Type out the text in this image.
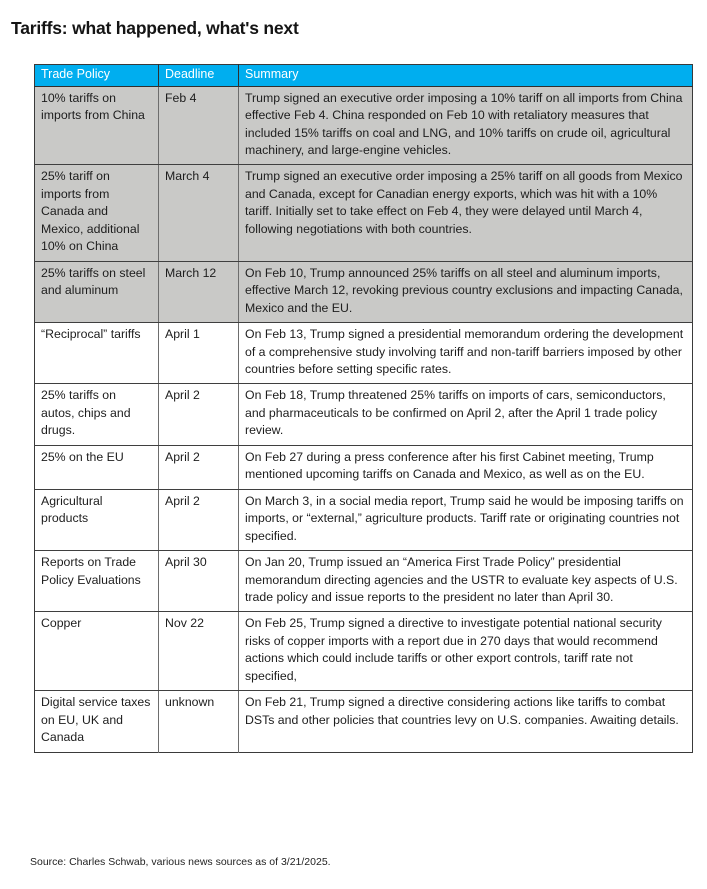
Tariffs: what happened, what's next
Trade Policy	Deadline	Summary
10% tariffs on imports from China	Feb 4	Trump signed an executive order imposing a 10% tariff on all imports from China effective Feb 4. China responded on Feb 10 with retaliatory measures that included 15% tariffs on coal and LNG, and 10% tariffs on crude oil, agricultural machinery, and large-engine vehicles.
25% tariff on imports from Canada and Mexico, additional 10% on China	March 4	Trump signed an executive order imposing a 25% tariff on all goods from Mexico and Canada, except for Canadian energy exports, which was hit with a 10% tariff. Initially set to take effect on Feb 4, they were delayed until March 4, following negotiations with both countries.
25% tariffs on steel and aluminum	March 12	On Feb 10, Trump announced 25% tariffs on all steel and aluminum imports, effective March 12, revoking previous country exclusions and impacting Canada, Mexico and the EU.
“Reciprocal” tariffs	April 1	On Feb 13, Trump signed a presidential memorandum ordering the development of a comprehensive study involving tariff and non-tariff barriers imposed by other countries before setting specific rates.
25% tariffs on autos, chips and drugs.	April 2	On Feb 18, Trump threatened 25% tariffs on imports of cars, semiconductors, and pharmaceuticals to be confirmed on April 2, after the April 1 trade policy review.
25% on the EU	April 2	On Feb 27 during a press conference after his first Cabinet meeting, Trump mentioned upcoming tariffs on Canada and Mexico, as well as on the EU.
Agricultural products	April 2	On March 3, in a social media report, Trump said he would be imposing tariffs on imports, or “external,” agriculture products. Tariff rate or originating countries not specified.
Reports on Trade Policy Evaluations	April 30	On Jan 20, Trump issued an “America First Trade Policy” presidential memorandum directing agencies and the USTR to evaluate key aspects of U.S. trade policy and issue reports to the president no later than April 30.
Copper	Nov 22	On Feb 25, Trump signed a directive to investigate potential national security risks of copper imports with a report due in 270 days that would recommend actions which could include tariffs or other export controls, tariff rate not specified,
Digital service taxes on EU, UK and Canada	unknown	On Feb 21, Trump signed a directive considering actions like tariffs to combat DSTs and other policies that countries levy on U.S. companies. Awaiting details.
Source: Charles Schwab, various news sources as of 3/21/2025.
